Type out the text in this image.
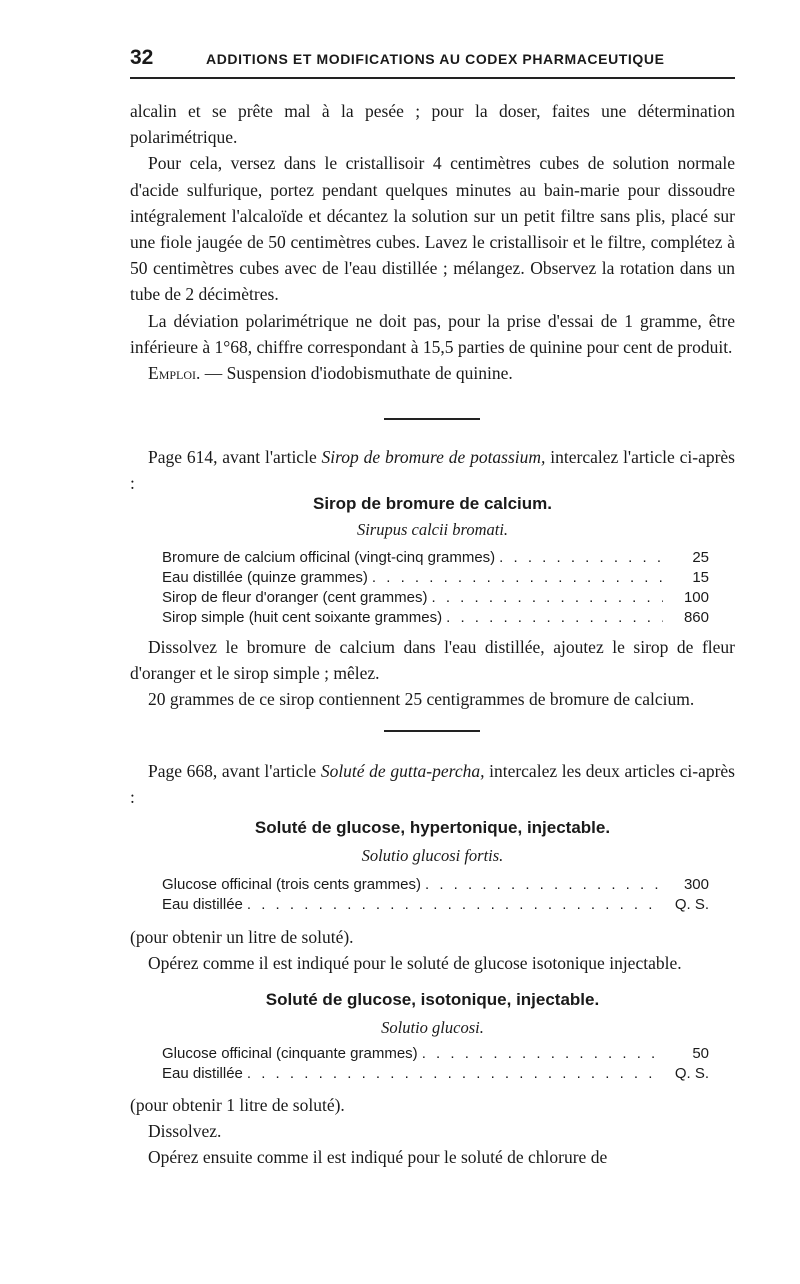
32	ADDITIONS ET MODIFICATIONS AU CODEX PHARMACEUTIQUE

alcalin et se prête mal à la pesée ; pour la doser, faites une détermination polarimétrique.

Pour cela, versez dans le cristallisoir 4 centimètres cubes de solution normale d'acide sulfurique, portez pendant quelques minutes au bain-marie pour dissoudre intégralement l'alcaloïde et décantez la solution sur un petit filtre sans plis, placé sur une fiole jaugée de 50 centimètres cubes. Lavez le cristallisoir et le filtre, complétez à 50 centimètres cubes avec de l'eau distillée ; mélangez. Observez la rotation dans un tube de 2 décimètres.

La déviation polarimétrique ne doit pas, pour la prise d'essai de 1 gramme, être inférieure à 1°68, chiffre correspondant à 15,5 parties de quinine pour cent de produit.

Emploi. — Suspension d'iodobismuthate de quinine.

Page 614, avant l'article Sirop de bromure de potassium, intercalez l'article ci-après :

Sirop de bromure de calcium.
Sirupus calcii bromati.
Bromure de calcium officinal (vingt-cinq grammes) . . .	25
Eau distillée (quinze grammes) . . .	15
Sirop de fleur d'oranger (cent grammes) . . .	100
Sirop simple (huit cent soixante grammes) . . .	860

Dissolvez le bromure de calcium dans l'eau distillée, ajoutez le sirop de fleur d'oranger et le sirop simple ; mêlez.

20 grammes de ce sirop contiennent 25 centigrammes de bromure de calcium.

Page 668, avant l'article Soluté de gutta-percha, intercalez les deux articles ci-après :

Soluté de glucose, hypertonique, injectable.
Solutio glucosi fortis.
Glucose officinal (trois cents grammes) . . .	300
Eau distillée . . .	Q. S.

(pour obtenir un litre de soluté).

Opérez comme il est indiqué pour le soluté de glucose isotonique injectable.

Soluté de glucose, isotonique, injectable.
Solutio glucosi.
Glucose officinal (cinquante grammes) . . .	50
Eau distillée . . .	Q. S.

(pour obtenir 1 litre de soluté).

Dissolvez.

Opérez ensuite comme il est indiqué pour le soluté de chlorure de
